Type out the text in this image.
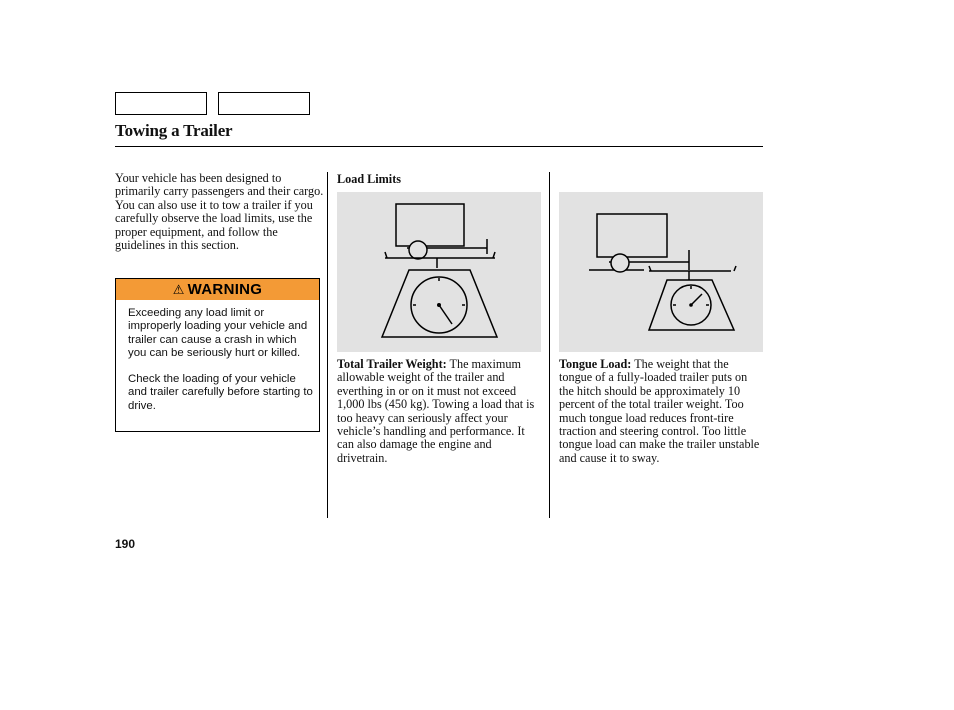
Towing a Trailer
Your vehicle has been designed to primarily carry passengers and their cargo. You can also use it to tow a trailer if you carefully observe the load limits, use the proper equipment, and follow the guidelines in this section.
⚠ WARNING

Exceeding any load limit or improperly loading your vehicle and trailer can cause a crash in which you can be seriously hurt or killed.

Check the loading of your vehicle and trailer carefully before starting to drive.

Load Limits
Total Trailer Weight: The maximum allowable weight of the trailer and everthing in or on it must not exceed 1,000 lbs (450 kg). Towing a load that is too heavy can seriously affect your vehicle’s handling and performance. It can also damage the engine and drivetrain.
Tongue Load: The weight that the tongue of a fully-loaded trailer puts on the hitch should be approximately 10 percent of the total trailer weight. Too much tongue load reduces front-tire traction and steering control. Too little tongue load can make the trailer unstable and cause it to sway.
190
